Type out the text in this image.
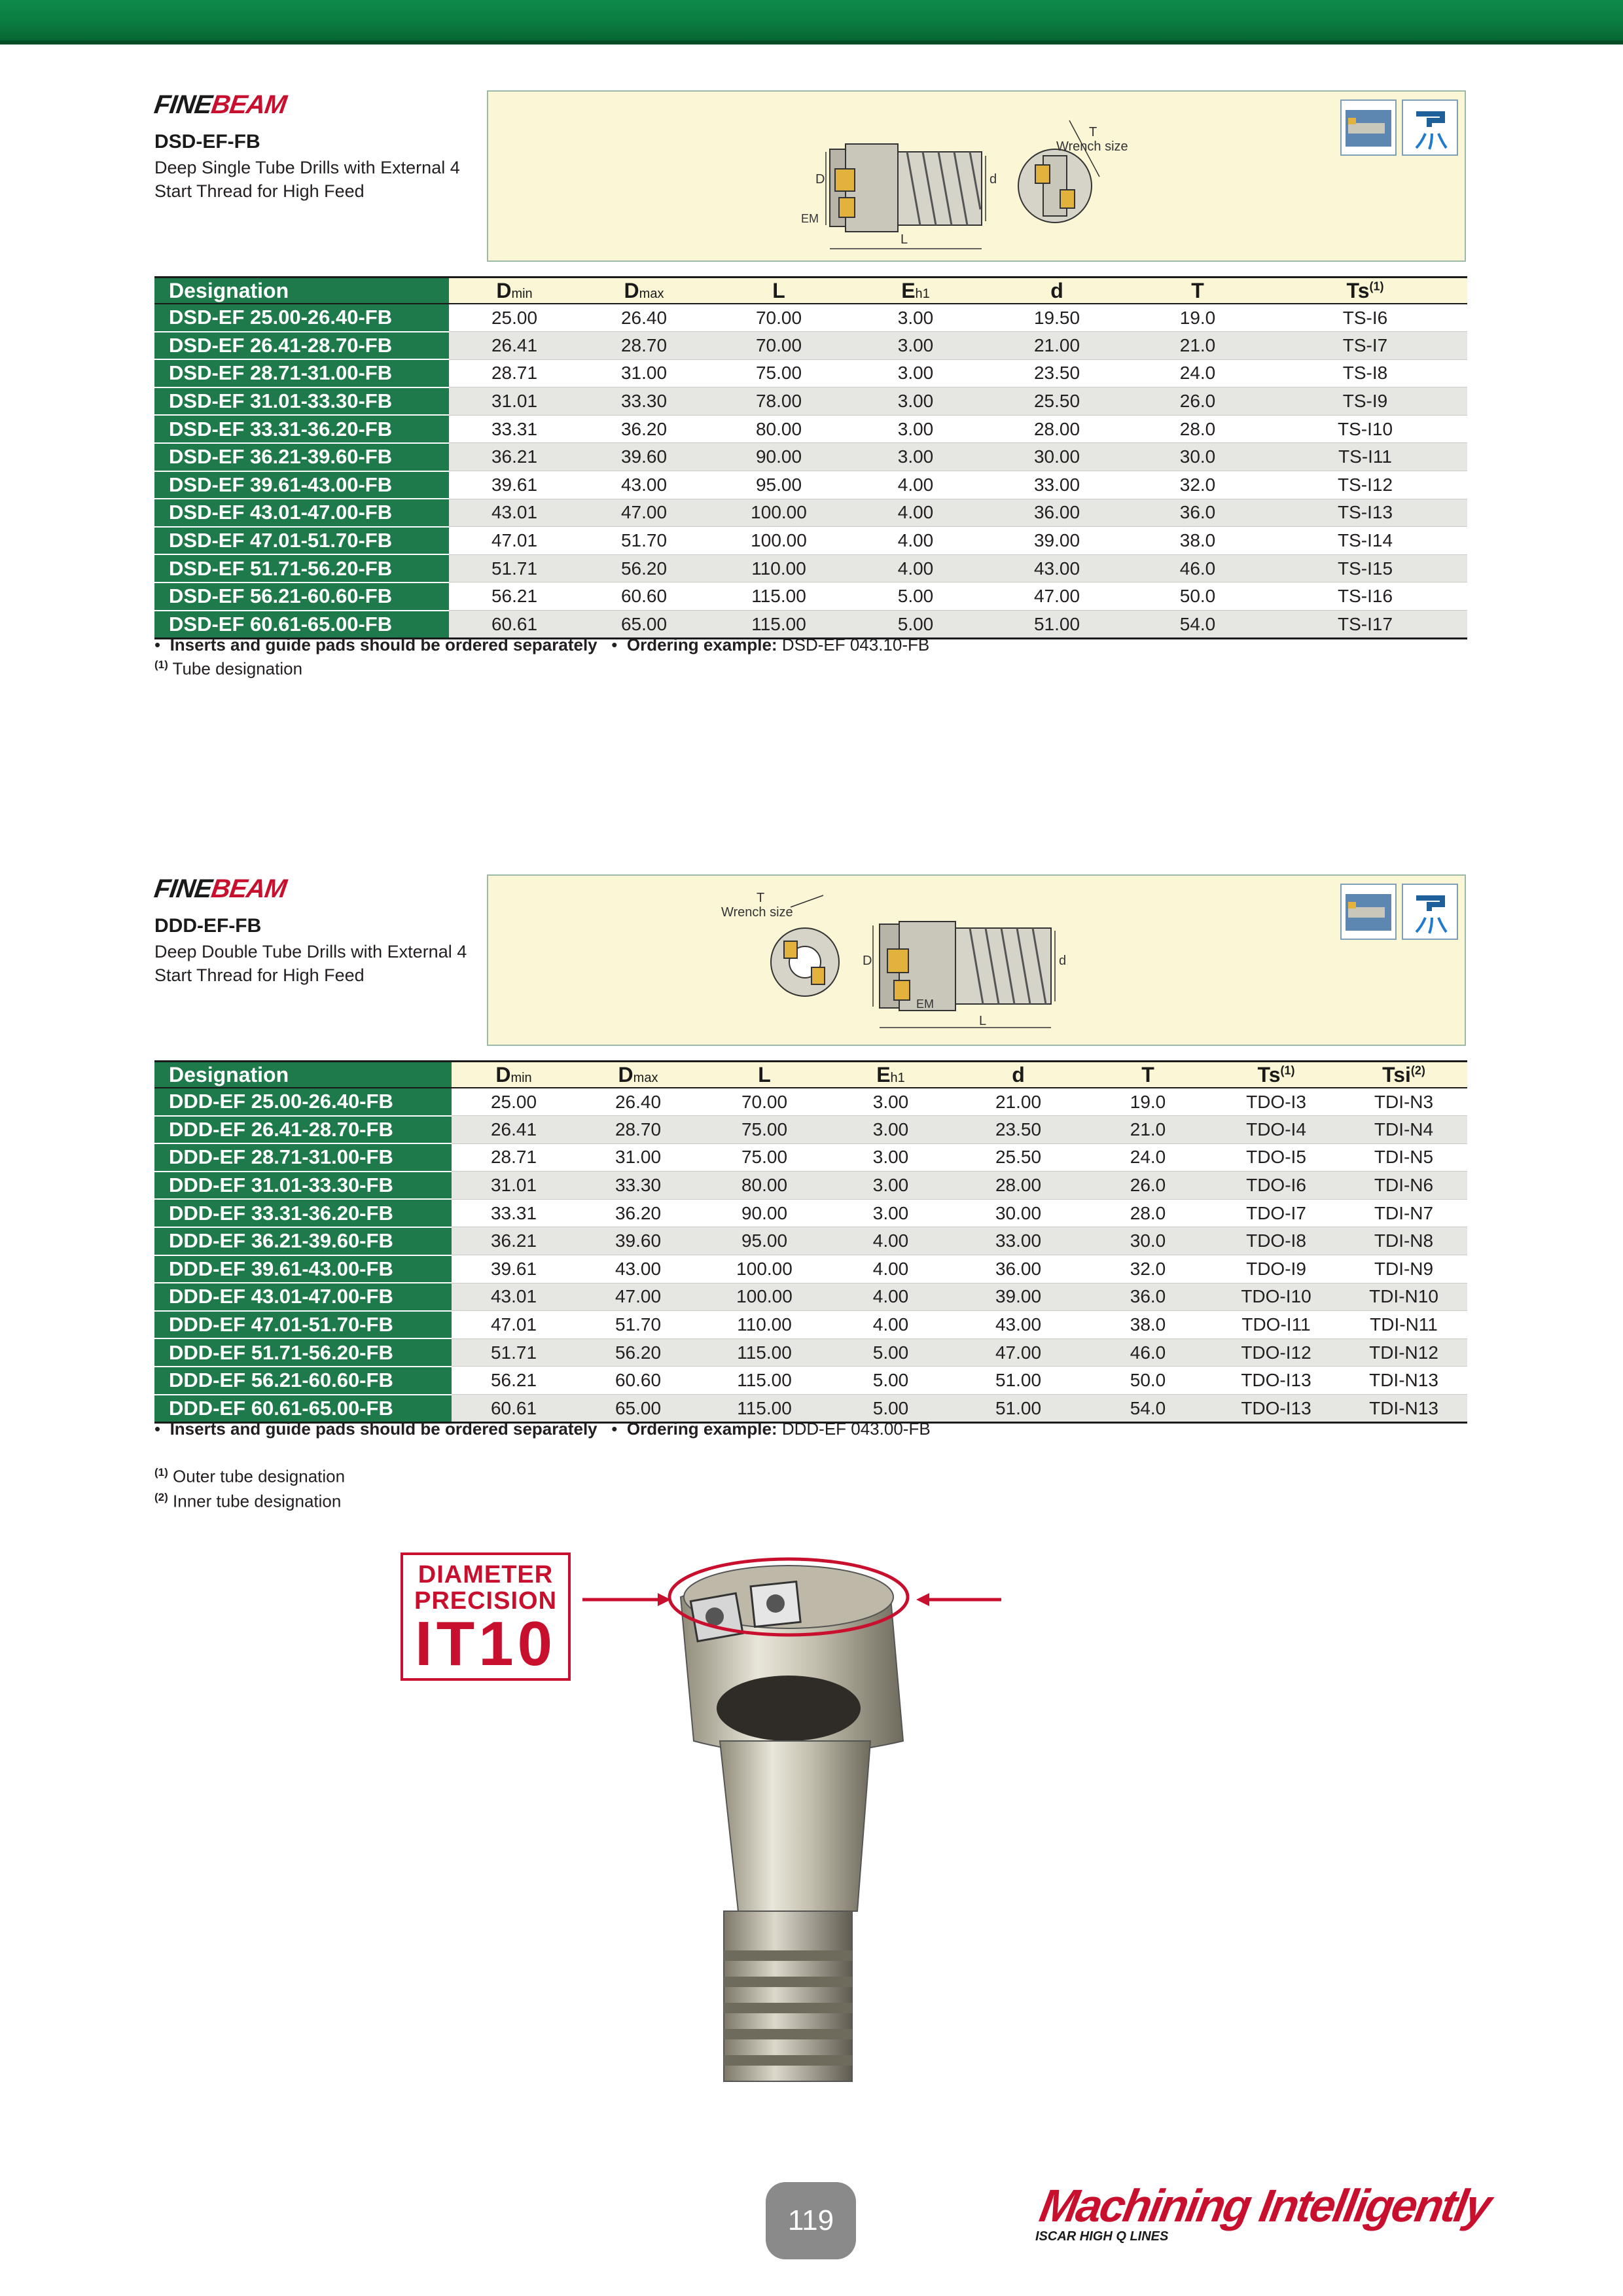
FINEBEAM
DSD-EF-FB
Deep Single Tube Drills with External 4 Start Thread for High Feed
D	d
L
EM
T
Wrench size
Designation	Dmin	Dmax	L	Eh1	d	T	Ts$^{(1)}$
DSD-EF 25.00-26.40-FB	25.00	26.40	70.00	3.00	19.50	19.0	TS-I6
DSD-EF 26.41-28.70-FB	26.41	28.70	70.00	3.00	21.00	21.0	TS-I7
DSD-EF 28.71-31.00-FB	28.71	31.00	75.00	3.00	23.50	24.0	TS-I8
DSD-EF 31.01-33.30-FB	31.01	33.30	78.00	3.00	25.50	26.0	TS-I9
DSD-EF 33.31-36.20-FB	33.31	36.20	80.00	3.00	28.00	28.0	TS-I10
DSD-EF 36.21-39.60-FB	36.21	39.60	90.00	3.00	30.00	30.0	TS-I11
DSD-EF 39.61-43.00-FB	39.61	43.00	95.00	4.00	33.00	32.0	TS-I12
DSD-EF 43.01-47.00-FB	43.01	47.00	100.00	4.00	36.00	36.0	TS-I13
DSD-EF 47.01-51.70-FB	47.01	51.70	100.00	4.00	39.00	38.0	TS-I14
DSD-EF 51.71-56.20-FB	51.71	56.20	110.00	4.00	43.00	46.0	TS-I15
DSD-EF 56.21-60.60-FB	56.21	60.60	115.00	5.00	47.00	50.0	TS-I16
DSD-EF 60.61-65.00-FB	60.61	65.00	115.00	5.00	51.00	54.0	TS-I17
•  Inserts and guide pads should be ordered separately   •  Ordering example: DSD-EF 043.10-FB
$^{(1)}$ Tube designation
FINEBEAM
DDD-EF-FB
Deep Double Tube Drills with External 4 Start Thread for High Feed
T
Wrench size
D	d
L
EM
Designation	Dmin	Dmax	L	Eh1	d	T	Ts$^{(1)}$	Tsi$^{(2)}$
DDD-EF 25.00-26.40-FB	25.00	26.40	70.00	3.00	21.00	19.0	TDO-I3	TDI-N3
DDD-EF 26.41-28.70-FB	26.41	28.70	75.00	3.00	23.50	21.0	TDO-I4	TDI-N4
DDD-EF 28.71-31.00-FB	28.71	31.00	75.00	3.00	25.50	24.0	TDO-I5	TDI-N5
DDD-EF 31.01-33.30-FB	31.01	33.30	80.00	3.00	28.00	26.0	TDO-I6	TDI-N6
DDD-EF 33.31-36.20-FB	33.31	36.20	90.00	3.00	30.00	28.0	TDO-I7	TDI-N7
DDD-EF 36.21-39.60-FB	36.21	39.60	95.00	4.00	33.00	30.0	TDO-I8	TDI-N8
DDD-EF 39.61-43.00-FB	39.61	43.00	100.00	4.00	36.00	32.0	TDO-I9	TDI-N9
DDD-EF 43.01-47.00-FB	43.01	47.00	100.00	4.00	39.00	36.0	TDO-I10	TDI-N10
DDD-EF 47.01-51.70-FB	47.01	51.70	110.00	4.00	43.00	38.0	TDO-I11	TDI-N11
DDD-EF 51.71-56.20-FB	51.71	56.20	115.00	5.00	47.00	46.0	TDO-I12	TDI-N12
DDD-EF 56.21-60.60-FB	56.21	60.60	115.00	5.00	51.00	50.0	TDO-I13	TDI-N13
DDD-EF 60.61-65.00-FB	60.61	65.00	115.00	5.00	51.00	54.0	TDO-I13	TDI-N13
•  Inserts and guide pads should be ordered separately   •  Ordering example: DDD-EF 043.00-FB
$^{(1)}$ Outer tube designation
$^{(2)}$ Inner tube designation
DIAMETER
PRECISION
IT10
119	Machining Intelligently
ISCAR HIGH Q LINES
